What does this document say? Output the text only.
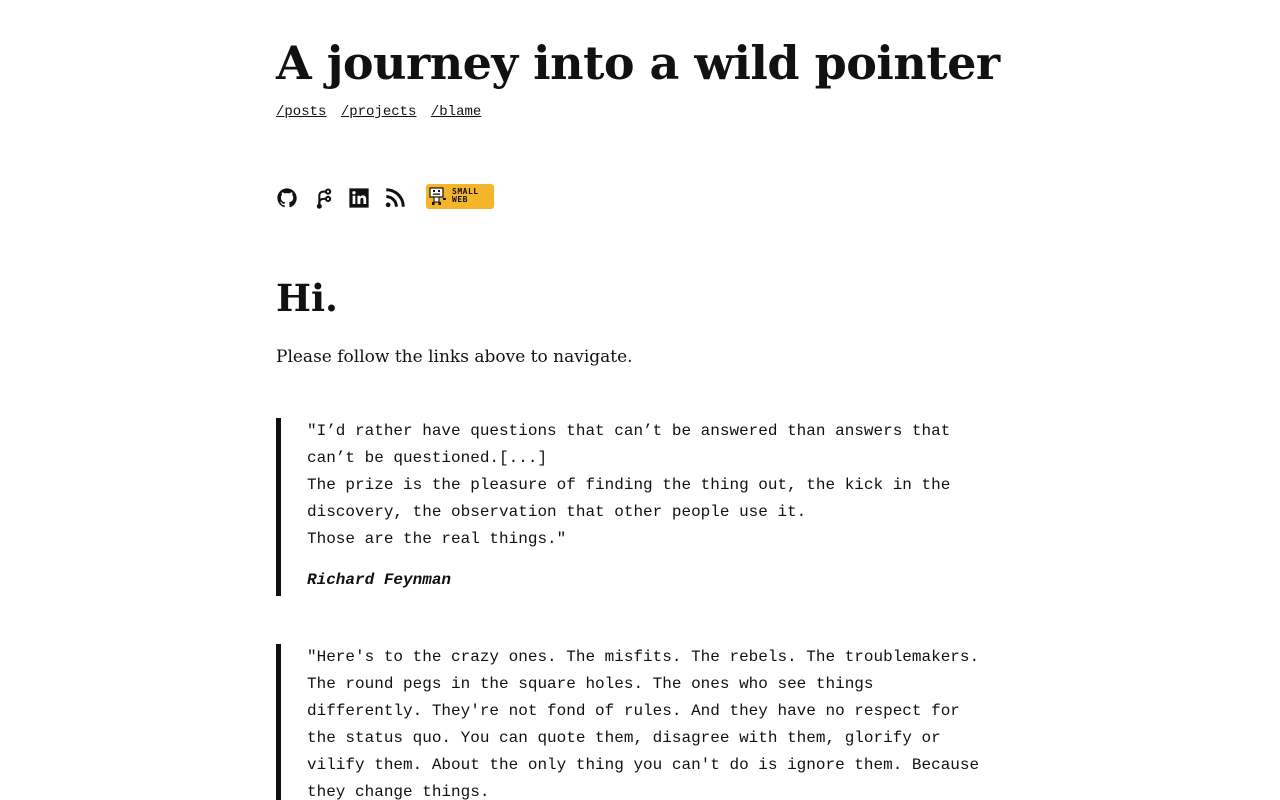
A journey into a wild pointer
/posts /projects /blame
SMALL
WEB
Hi.

Please follow the links above to navigate.

"I’d rather have questions that can’t be answered than answers that can’t be questioned.[...]
The prize is the pleasure of finding the thing out, the kick in the discovery, the observation that other people use it.
Those are the real things."

Richard Feynman

"Here's to the crazy ones. The misfits. The rebels. The troublemakers. The round pegs in the square holes. The ones who see things differently. They're not fond of rules. And they have no respect for the status quo. You can quote them, disagree with them, glorify or vilify them. About the only thing you can't do is ignore them. Because they change things.
